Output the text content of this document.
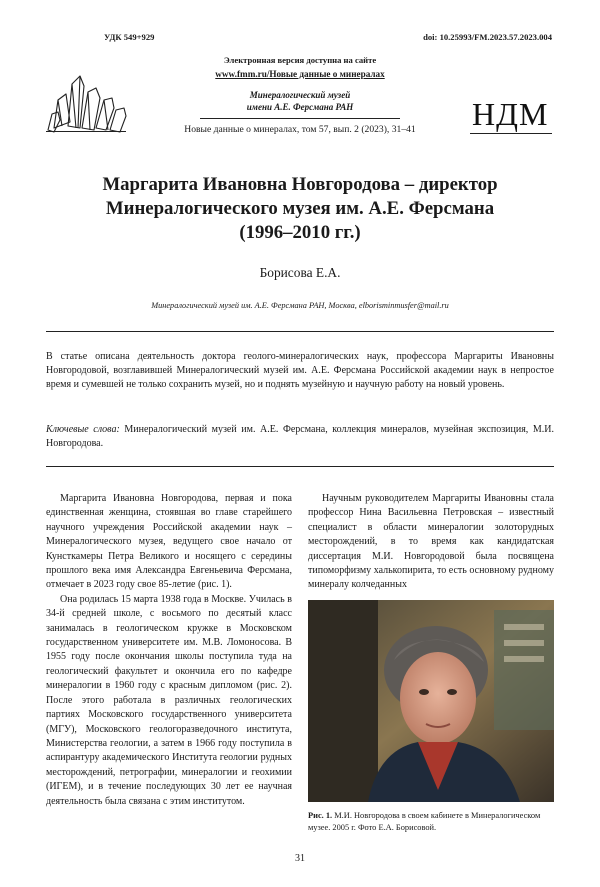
УДК 549+929	doi: 10.25993/FM.2023.57.2023.004
Электронная версия доступна на сайте
www.fmm.ru/Новые данные о минералах
Минералогический музей
имени А.Е. Ферсмана РАН
Новые данные о минералах, том 57, вып. 2 (2023), 31–41	НДМ
Маргарита Ивановна Новгородова – директор
Минералогического музея им. А.Е. Ферсмана
(1996–2010 гг.)
Борисова Е.А.
Минералогический музей им. А.Е. Ферсмана РАН, Москва, elborisminmusfer@mail.ru
В статье описана деятельность доктора геолого-минералогических наук, профессора Маргариты Ивановны Новгородовой, возглавившей Минералогический музей им. А.Е. Ферсмана Российской академии наук в непростое время и сумевшей не только сохранить музей, но и поднять музейную и научную работу на новый уровень.
Ключевые слова: Минералогический музей им. А.Е. Ферсмана, коллекция минералов, музейная экспозиция, М.И. Новгородова.

Маргарита Ивановна Новгородова, первая и пока единственная женщина, стоявшая во главе старейшего научного учреждения Российской академии наук – Минералогического музея, ведущего свое начало от Кунсткамеры Петра Великого и носящего с середины прошлого века имя Александра Евгеньевича Ферсмана, отмечает в 2023 году свое 85-летие (рис. 1).

Она родилась 15 марта 1938 года в Москве. Училась в 34-й средней школе, с восьмого по десятый класс занималась в геологическом кружке в Московском государственном университете им. М.В. Ломоносова. В 1955 году после окончания школы поступила туда на геологический факультет и окончила его по кафедре минералогии в 1960 году с красным дипломом (рис. 2). После этого работала в различных геологических партиях Московского государственного университета (МГУ), Московского геологоразведочного института, Министерства геологии, а затем в 1966 году поступила в аспирантуру академического Института геологии рудных месторождений, петрографии, минералогии и геохимии (ИГЕМ), и в течение последующих 30 лет ее научная деятельность была связана с этим институтом.

Научным руководителем Маргариты Ивановны стала профессор Нина Васильевна Петровская – известный специалист в области минералогии золоторудных месторождений, в то время как кандидатская диссертация М.И. Новгородовой была посвящена типоморфизму халькопирита, то есть основному рудному минералу колчеданных

Рис. 1. М.И. Новгородова в своем кабинете в Минералогическом музее. 2005 г. Фото Е.А. Борисовой.
31
